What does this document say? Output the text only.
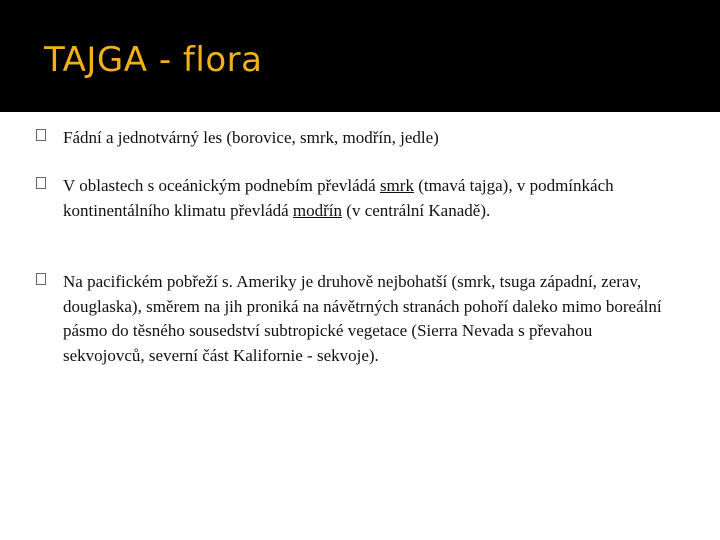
TAJGA - flora
Fádní a jednotvárný les (borovice, smrk, modřín, jedle)
V oblastech s oceánickým podnebím převládá smrk (tmavá tajga), v podmínkách kontinentálního klimatu převládá modřín (v centrální Kanadě).
Na pacifickém pobřeží s. Ameriky je druhově nejbohatší (smrk, tsuga západní, zerav, douglaska), směrem na jih proniká na návětrných stranách pohoří daleko mimo boreální pásmo do těsného sousedství subtropické vegetace (Sierra Nevada s převahou sekvojovců, severní část Kalifornie - sekvoje).
